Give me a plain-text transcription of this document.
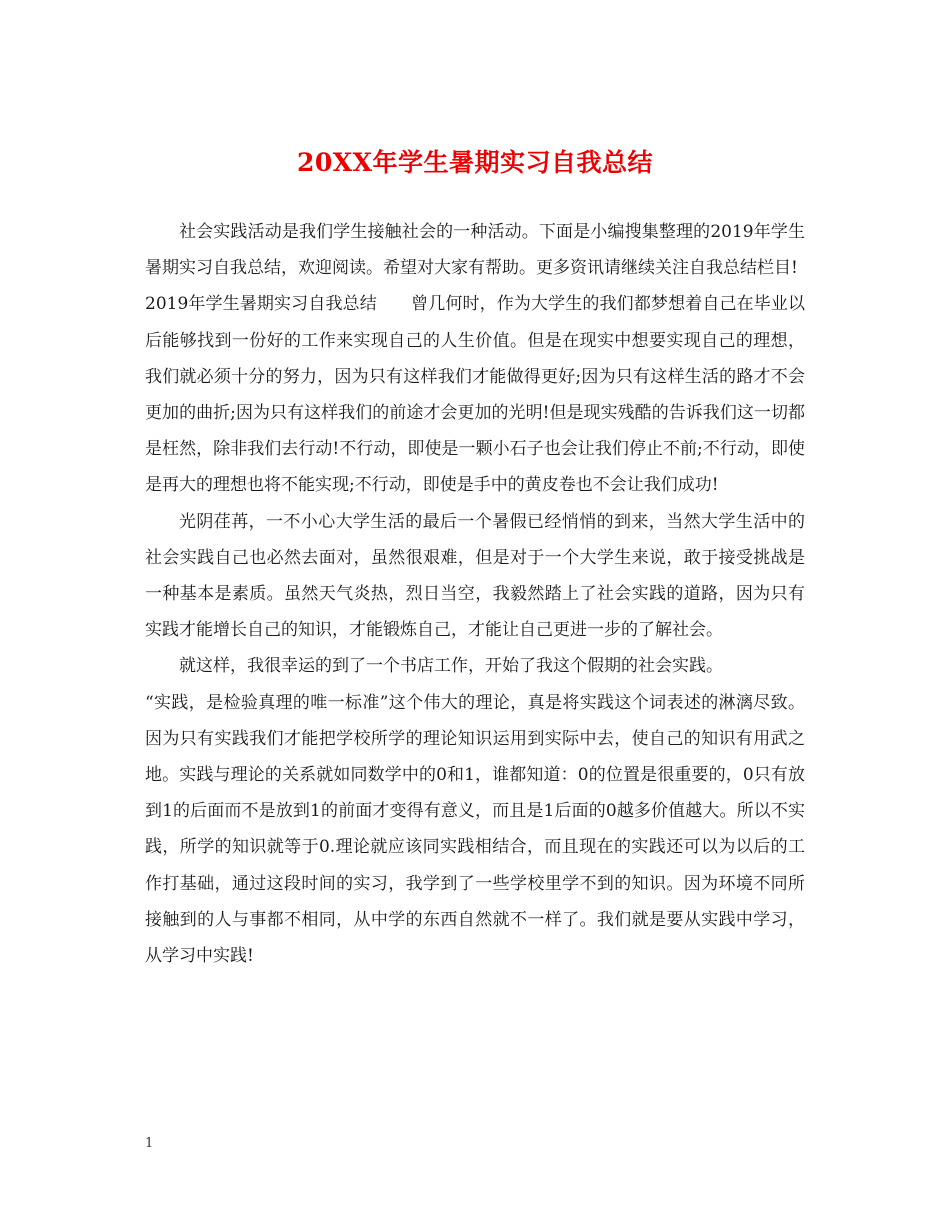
20XX年学生暑期实习自我总结

社会实践活动是我们学生接触社会的一种活动。下面是小编搜集整理的2019年学生暑期实习自我总结，欢迎阅读。希望对大家有帮助。更多资讯请继续关注自我总结栏目!

2019年学生暑期实习自我总结　　曾几何时，作为大学生的我们都梦想着自己在毕业以后能够找到一份好的工作来实现自己的人生价值。但是在现实中想要实现自己的理想，我们就必须十分的努力，因为只有这样我们才能做得更好;因为只有这样生活的路才不会更加的曲折;因为只有这样我们的前途才会更加的光明!但是现实残酷的告诉我们这一切都是枉然，除非我们去行动!不行动，即使是一颗小石子也会让我们停止不前;不行动，即使是再大的理想也将不能实现;不行动，即使是手中的黄皮卷也不会让我们成功!

光阴荏苒，一不小心大学生活的最后一个暑假已经悄悄的到来，当然大学生活中的社会实践自己也必然去面对，虽然很艰难，但是对于一个大学生来说，敢于接受挑战是一种基本是素质。虽然天气炎热，烈日当空，我毅然踏上了社会实践的道路，因为只有实践才能增长自己的知识，才能锻炼自己，才能让自己更进一步的了解社会。

就这样，我很幸运的到了一个书店工作，开始了我这个假期的社会实践。

“实践，是检验真理的唯一标准”这个伟大的理论，真是将实践这个词表述的淋漓尽致。因为只有实践我们才能把学校所学的理论知识运用到实际中去，使自己的知识有用武之地。实践与理论的关系就如同数学中的0和1，谁都知道：0的位置是很重要的，0只有放到1的后面而不是放到1的前面才变得有意义，而且是1后面的0越多价值越大。所以不实践，所学的知识就等于0.理论就应该同实践相结合，而且现在的实践还可以为以后的工作打基础，通过这段时间的实习，我学到了一些学校里学不到的知识。因为环境不同所接触到的人与事都不相同，从中学的东西自然就不一样了。我们就是要从实践中学习，从学习中实践!

1
